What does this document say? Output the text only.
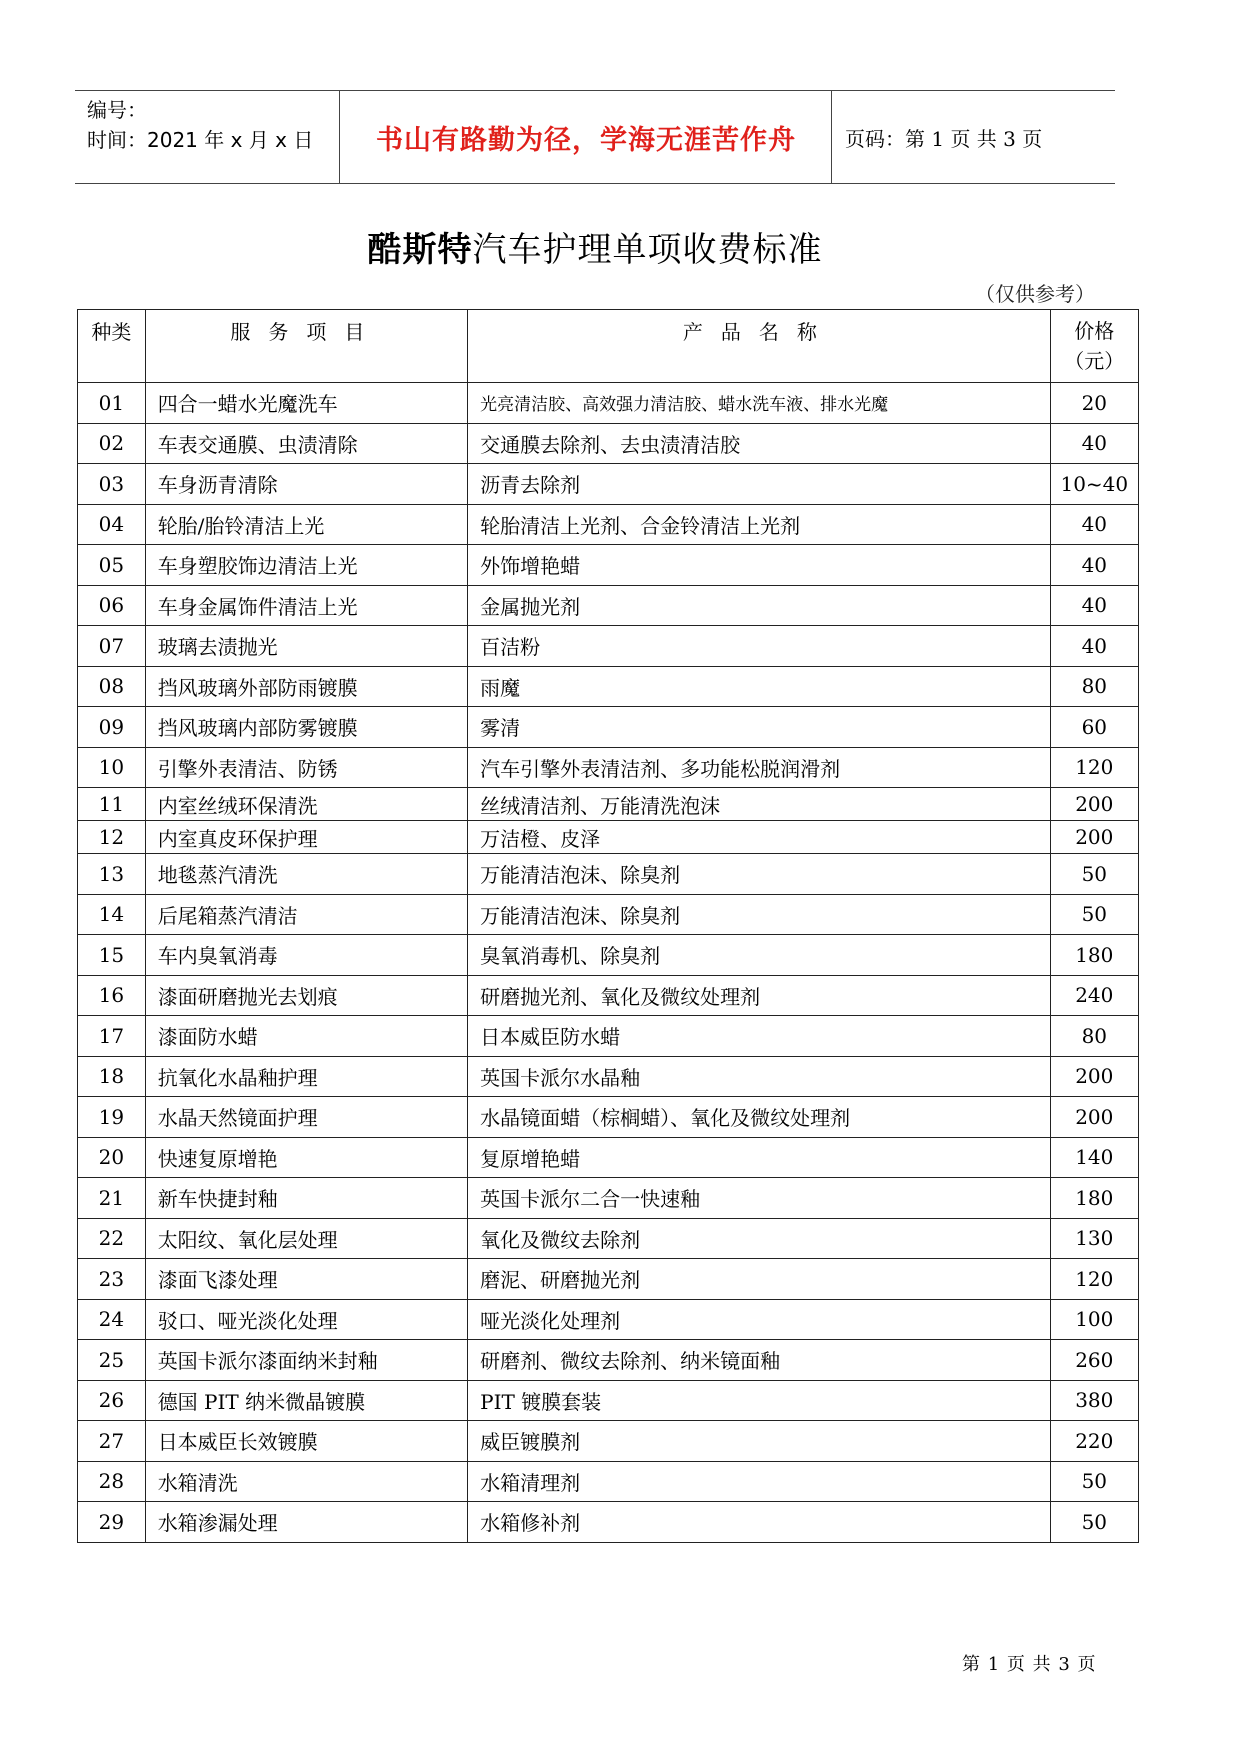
编号：
时间：2021 年 x 月 x 日	书山有路勤为径，学海无涯苦作舟	页码：第 1 页 共 3 页
酷斯特汽车护理单项收费标准
（仅供参考）
种类	服务项目	产品名称	价格
（元）
01	四合一蜡水光魔洗车	光亮清洁胶、高效强力清洁胶、蜡水洗车液、排水光魔	20
02	车表交通膜、虫渍清除	交通膜去除剂、去虫渍清洁胶	40
03	车身沥青清除	沥青去除剂	10~40
04	轮胎/胎铃清洁上光	轮胎清洁上光剂、合金铃清洁上光剂	40
05	车身塑胶饰边清洁上光	外饰增艳蜡	40
06	车身金属饰件清洁上光	金属抛光剂	40
07	玻璃去渍抛光	百洁粉	40
08	挡风玻璃外部防雨镀膜	雨魔	80
09	挡风玻璃内部防雾镀膜	雾清	60
10	引擎外表清洁、防锈	汽车引擎外表清洁剂、多功能松脱润滑剂	120
11	内室丝绒环保清洗	丝绒清洁剂、万能清洗泡沫	200
12	内室真皮环保护理	万洁橙、皮泽	200
13	地毯蒸汽清洗	万能清洁泡沫、除臭剂	50
14	后尾箱蒸汽清洁	万能清洁泡沫、除臭剂	50
15	车内臭氧消毒	臭氧消毒机、除臭剂	180
16	漆面研磨抛光去划痕	研磨抛光剂、氧化及微纹处理剂	240
17	漆面防水蜡	日本威臣防水蜡	80
18	抗氧化水晶釉护理	英国卡派尔水晶釉	200
19	水晶天然镜面护理	水晶镜面蜡（棕榈蜡）、氧化及微纹处理剂	200
20	快速复原增艳	复原增艳蜡	140
21	新车快捷封釉	英国卡派尔二合一快速釉	180
22	太阳纹、氧化层处理	氧化及微纹去除剂	130
23	漆面飞漆处理	磨泥、研磨抛光剂	120
24	驳口、哑光淡化处理	哑光淡化处理剂	100
25	英国卡派尔漆面纳米封釉	研磨剂、微纹去除剂、纳米镜面釉	260
26	德国 PIT 纳米微晶镀膜	PIT 镀膜套装	380
27	日本威臣长效镀膜	威臣镀膜剂	220
28	水箱清洗	水箱清理剂	50
29	水箱渗漏处理	水箱修补剂	50
第 1 页 共 3 页
